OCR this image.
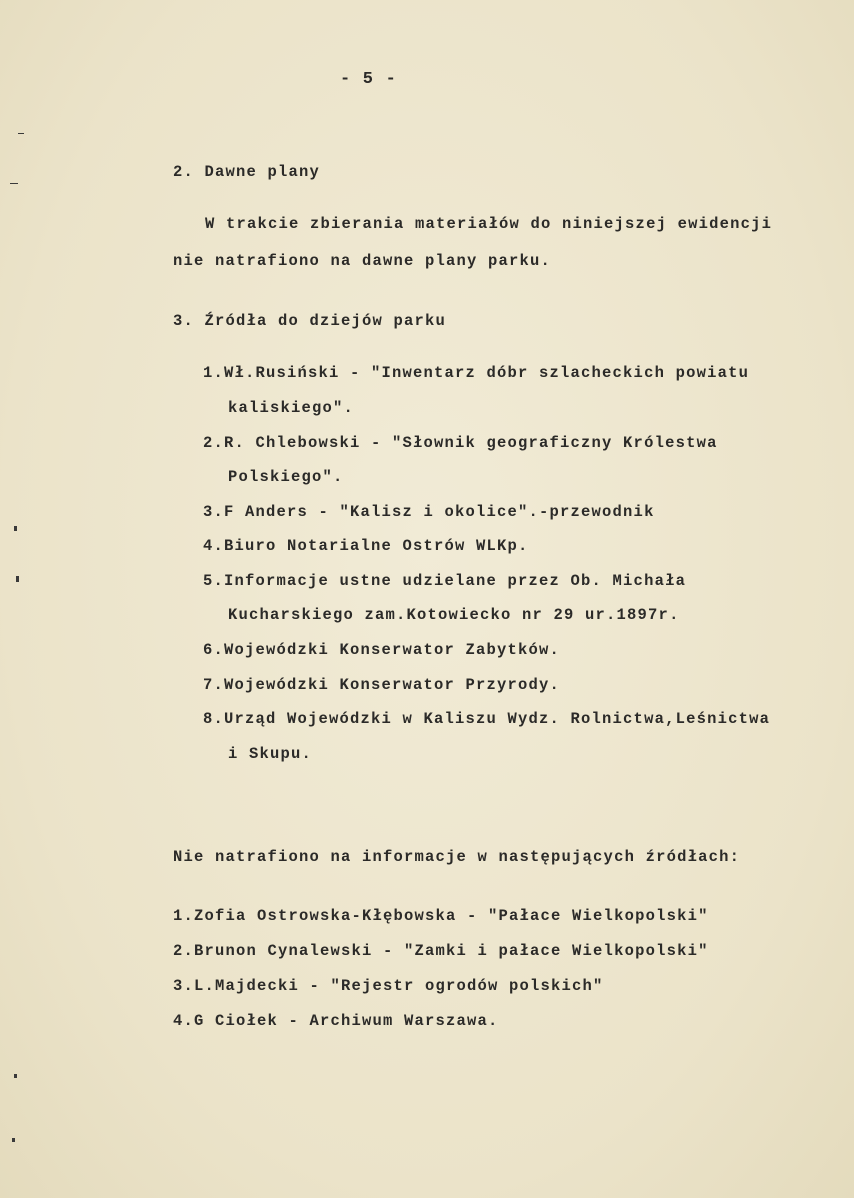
- 5 -
2. Dawne plany
W trakcie zbierania materiałów do niniejszej ewidencji
nie natrafiono na dawne plany parku.
3. Źródła do dziejów parku
1.Wł.Rusiński - "Inwentarz dóbr szlacheckich powiatu
kaliskiego".
2.R. Chlebowski - "Słownik geograficzny Królestwa
Polskiego".
3.F Anders - "Kalisz i okolice".-przewodnik
4.Biuro Notarialne Ostrów WLKp.
5.Informacje ustne udzielane przez Ob. Michała
Kucharskiego zam.Kotowiecko nr 29 ur.1897r.
6.Wojewódzki Konserwator Zabytków.
7.Wojewódzki Konserwator Przyrody.
8.Urząd Wojewódzki w Kaliszu Wydz. Rolnictwa,Leśnictwa
i Skupu.
Nie natrafiono na informacje w następujących źródłach:
1.Zofia Ostrowska-Kłębowska - "Pałace Wielkopolski"
2.Brunon Cynalewski - "Zamki i pałace Wielkopolski"
3.L.Majdecki - "Rejestr ogrodów polskich"
4.G Ciołek - Archiwum Warszawa.
